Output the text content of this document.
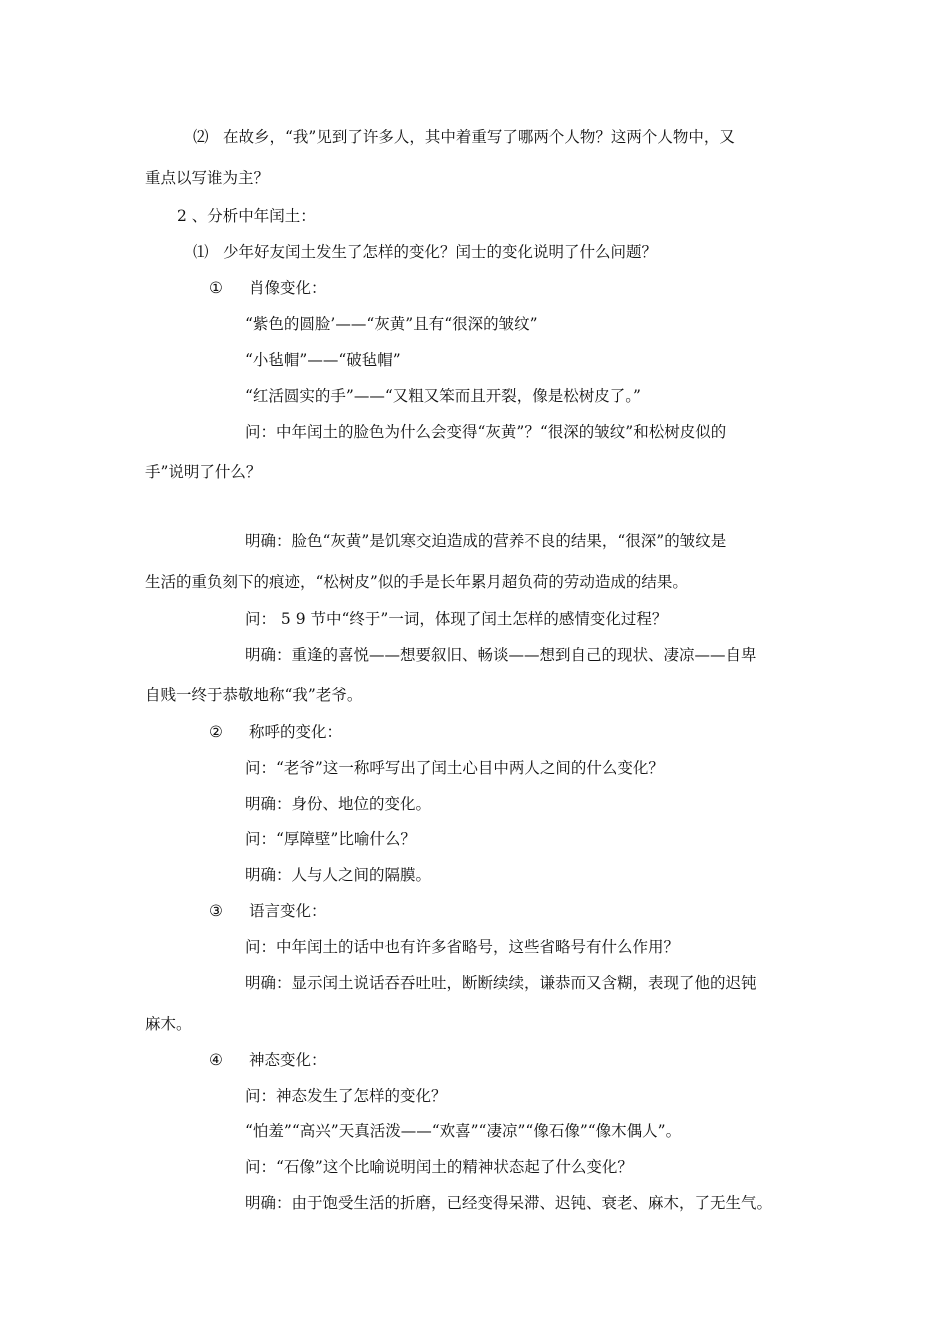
⑵ 在故乡，“我”见到了许多人，其中着重写了哪两个人物？这两个人物中，又
重点以写谁为主？
2 、分析中年闰土：
⑴ 少年好友闰土发生了怎样的变化？闰士的变化说明了什么问题？
① 肖像变化：
“紫色的圆脸’——“灰黄”且有“很深的皱纹”
“小毡帽”——“破毡帽”
“红活圆实的手”——“又粗又笨而且开裂，像是松树皮了。”
问：中年闰土的脸色为什么会变得“灰黄”？“很深的皱纹”和松树皮似的
手”说明了什么？
明确：脸色“灰黄”是饥寒交迫造成的营养不良的结果，“很深”的皱纹是
生活的重负刻下的痕迹，“松树皮”似的手是长年累月超负荷的劳动造成的结果。
问： 5 9 节中“终于”一词，体现了闰土怎样的感情变化过程？
明确：重逢的喜悦——想要叙旧、畅谈——想到自己的现状、凄凉——自卑
自贱一终于恭敬地称“我”老爷。
② 称呼的变化：
问：“老爷”这一称呼写出了闰土心目中两人之间的什么变化？
明确：身份、地位的变化。
问：“厚障壁”比喻什么？
明确：人与人之间的隔膜。
③ 语言变化：
问：中年闰土的话中也有许多省略号，这些省略号有什么作用？
明确：显示闰土说话吞吞吐吐，断断续续，谦恭而又含糊，表现了他的迟钝
麻木。
④ 神态变化：
问：神态发生了怎样的变化？
“怕羞”“高兴”天真活泼——“欢喜”“凄凉”“像石像”“像木偶人”。
问：“石像”这个比喻说明闰土的精神状态起了什么变化？
明确：由于饱受生活的折磨，已经变得呆滞、迟钝、衰老、麻木，了无生气。
